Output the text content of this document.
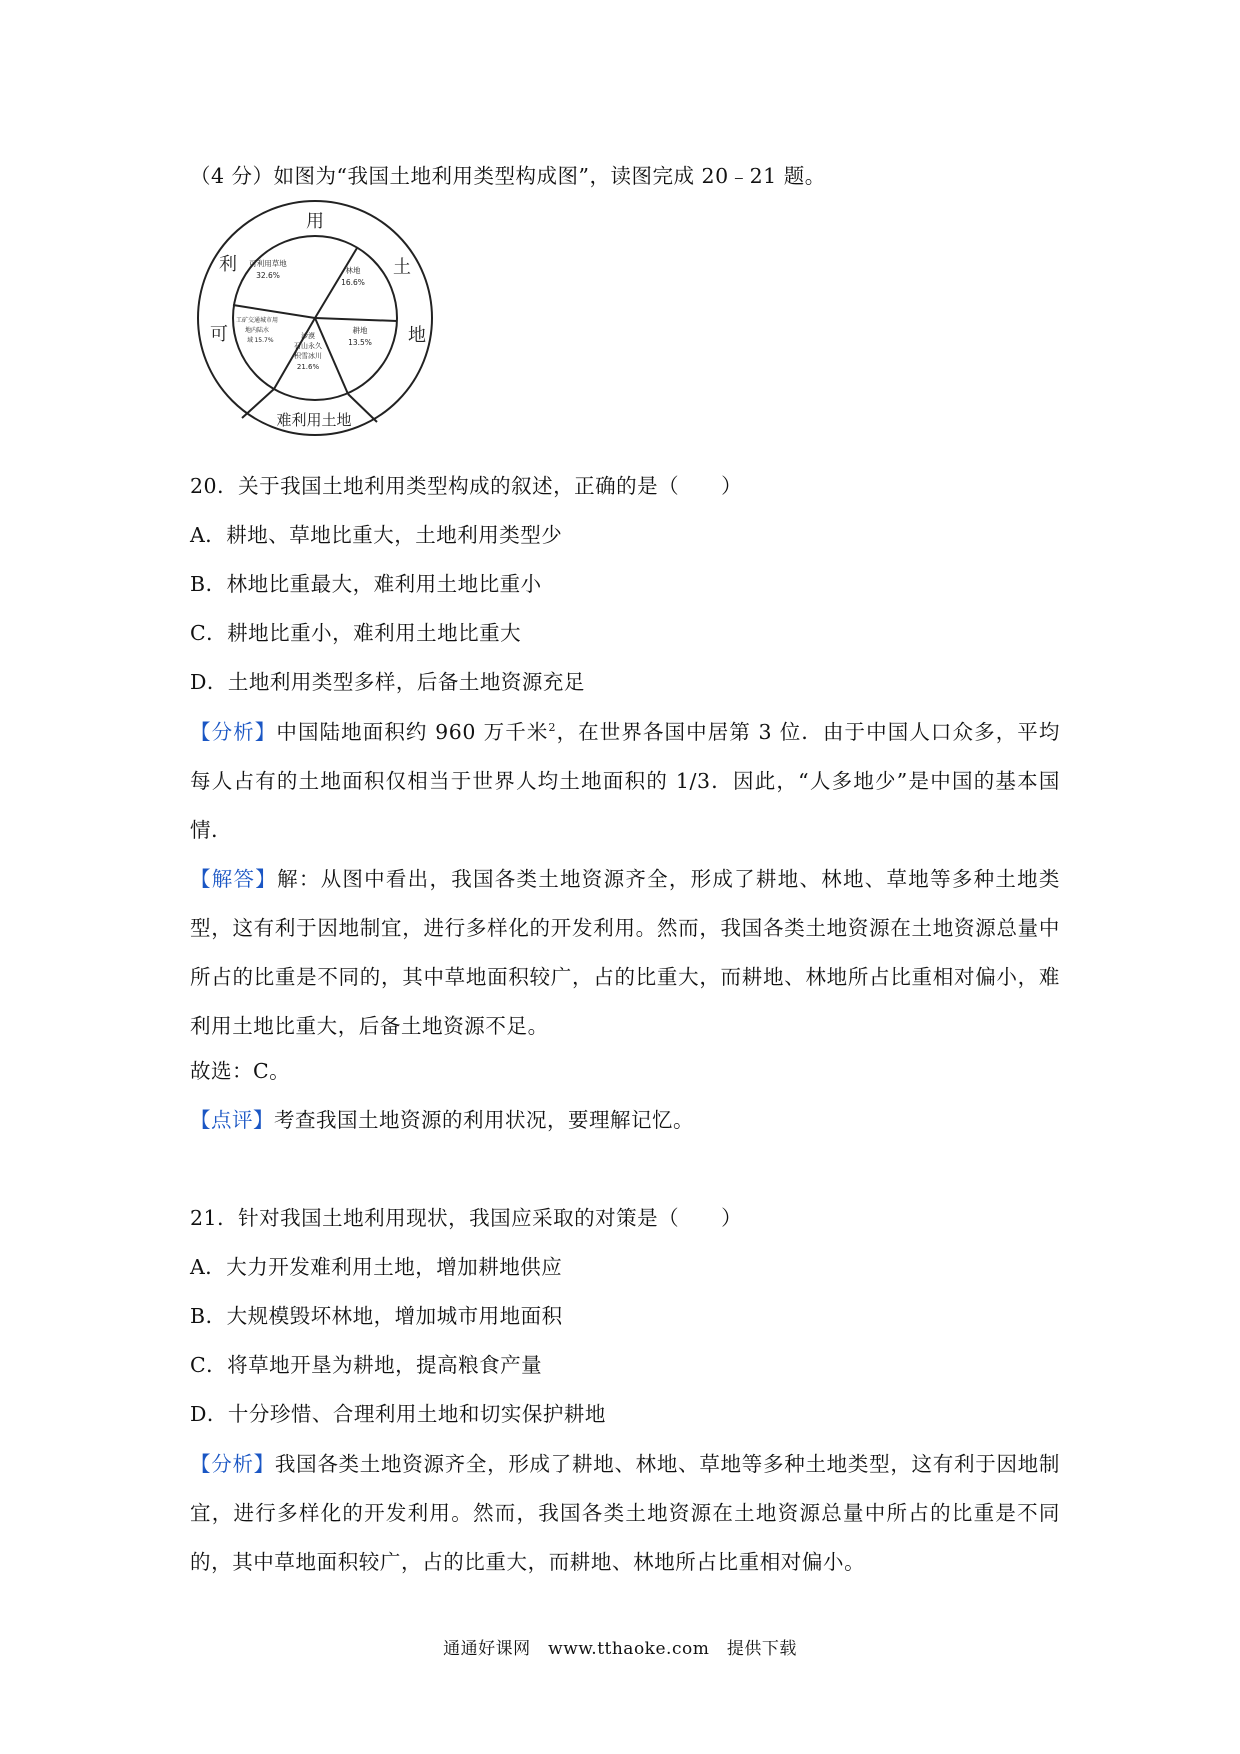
（4 分）如图为“我国土地利用类型构成图”，读图完成 20﹣21 题。
用
土
地
利
可
难利用土地
可利用草地
32.6%
林地
16.6%
耕地
13.5%
沙漠
石山永久
积雪冰川
21.6%
工矿交通城市用
地内陆水
域 15.7%
20．关于我国土地利用类型构成的叙述，正确的是（　　）
A．耕地、草地比重大，土地利用类型少
B．林地比重最大，难利用土地比重小
C．耕地比重小，难利用土地比重大
D．土地利用类型多样，后备土地资源充足
【分析】中国陆地面积约 960 万千米$^2$，在世界各国中居第 3 位．由于中国人口众多，平均每人占有的土地面积仅相当于世界人均土地面积的 1/3．因此，“人多地少”是中国的基本国情．
【解答】解：从图中看出，我国各类土地资源齐全，形成了耕地、林地、草地等多种土地类型，这有利于因地制宜，进行多样化的开发利用。然而，我国各类土地资源在土地资源总量中所占的比重是不同的，其中草地面积较广，占的比重大，而耕地、林地所占比重相对偏小，难利用土地比重大，后备土地资源不足。
故选：C。
【点评】考查我国土地资源的利用状况，要理解记忆。
21．针对我国土地利用现状，我国应采取的对策是（　　）
A．大力开发难利用土地，增加耕地供应
B．大规模毁坏林地，增加城市用地面积
C．将草地开垦为耕地，提高粮食产量
D．十分珍惜、合理利用土地和切实保护耕地
【分析】我国各类土地资源齐全，形成了耕地、林地、草地等多种土地类型，这有利于因地制宜，进行多样化的开发利用。然而，我国各类土地资源在土地资源总量中所占的比重是不同的，其中草地面积较广，占的比重大，而耕地、林地所占比重相对偏小。
通通好课网　www.tthaoke.com　提供下载
